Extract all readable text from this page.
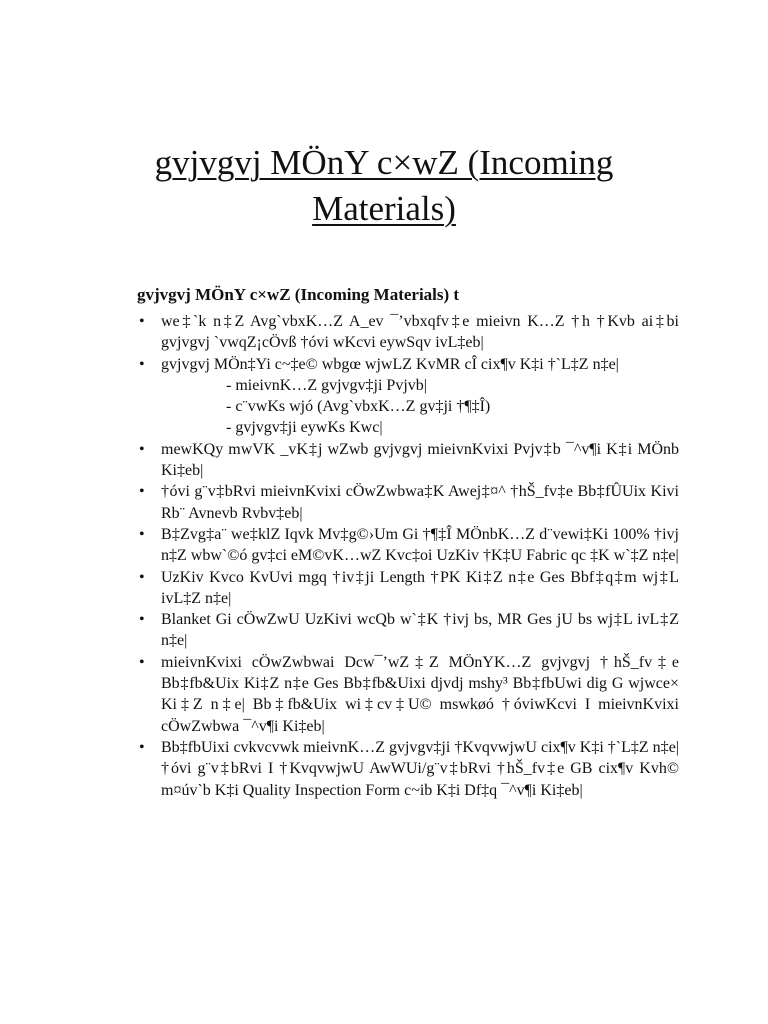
gvjvgvj MÖnY c×wZ (Incoming
Materials)

gvjvgvj MÖnY c×wZ (Incoming Materials) t

• we‡`k n‡Z Avg`vbxK…Z A_ev ¯’vbxqfv‡e mieivn K…Z †h †Kvb ai‡bi gvjvgvj `vwqZ¡cÖvß †óvi wKcvi eywSqv ivL‡eb|
• gvjvgvj MÖn‡Yi c~‡e© wbgœ wjwLZ KvMR cÎ cix¶v K‡i †`L‡Z n‡e|
- mieivnK…Z gvjvgv‡ji Pvjvb|
- c¨vwKs wjó (Avg`vbxK…Z gv‡ji †¶‡Î)
- gvjvgv‡ji eywKs Kwc|
• mewKQy mwVK _vK‡j wZwb gvjvgvj mieivnKvixi Pvjv‡b ¯^v¶i K‡i MÖnb Ki‡eb|
• †óvi g¨v‡bRvi mieivnKvixi cÖwZwbwa‡K Awej‡¤^ †hŠ_fv‡e Bb‡fÛUix Kivi Rb¨ Avnevb Rvbv‡eb|
• B‡Zvg‡a¨ we‡klZ Iqvk Mv‡g©›Um Gi †¶‡Î MÖnbK…Z d¨vewi‡Ki 100% †ivj n‡Z wbw`©ó gv‡ci eM©vK…wZ Kvc‡oi UzKiv †K‡U Fabric qc ‡K w`‡Z n‡e|
• UzKiv Kvco KvUvi mgq †iv‡ji Length †PK Ki‡Z n‡e Ges Bbf‡q‡m wj‡L ivL‡Z n‡e|
• Blanket Gi cÖwZwU UzKivi wcQb w`‡K †ivj bs, MR Ges jU bs wj‡L ivL‡Z n‡e|
• mieivnKvixi cÖwZwbwai Dcw¯’wZ‡Z MÖnYK…Z gvjvgvj †hŠ_fv‡e Bb‡fb&Uix Ki‡Z n‡e Ges Bb‡fb&Uixi djvdj mshy³ Bb‡fbUwi dig G wjwce× Ki‡Z n‡e| Bb‡fb&Uix wi‡cv‡U© mswkøó †óviwKcvi I mieivnKvixi cÖwZwbwa ¯^v¶i Ki‡eb|
• Bb‡fbUixi cvkvcvwk mieivnK…Z gvjvgv‡ji †KvqvwjwU cix¶v K‡i †`L‡Z n‡e| †óvi g¨v‡bRvi I †KvqvwjwU AwWUi/g¨v‡bRvi †hŠ_fv‡e GB cix¶v Kvh© m¤úv`b K‡i Quality Inspection Form c~ib K‡i Df‡q ¯^v¶i Ki‡eb|
